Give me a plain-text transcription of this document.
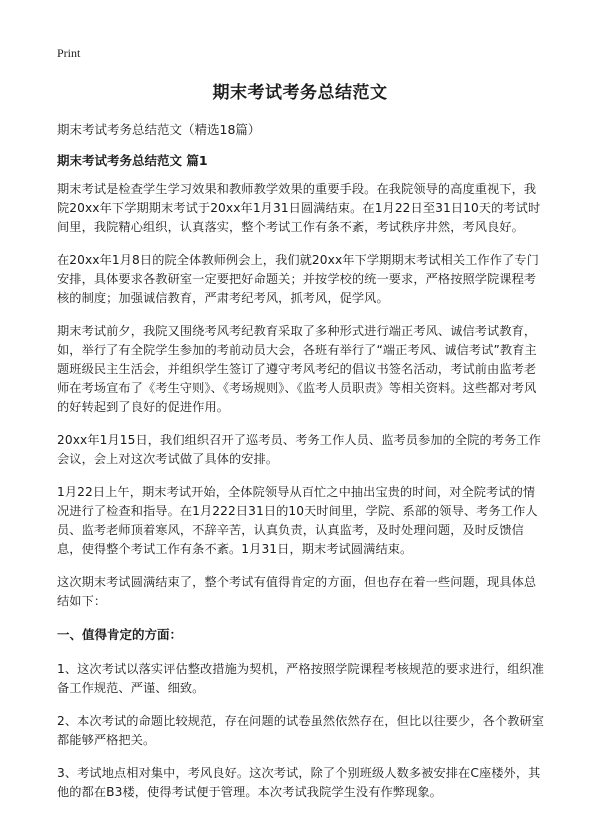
Print
期末考试考务总结范文

期末考试考务总结范文（精选18篇）

期末考试考务总结范文 篇1

期末考试是检查学生学习效果和教师教学效果的重要手段。在我院领导的高度重视下，我院20xx年下学期期末考试于20xx年1月31日圆满结束。在1月22日至31日10天的考试时间里，我院精心组织，认真落实，整个考试工作有条不紊，考试秩序井然，考风良好。

在20xx年1月8日的院全体教师例会上，我们就20xx年下学期期末考试相关工作作了专门安排，具体要求各教研室一定要把好命题关；并按学校的统一要求，严格按照学院课程考核的制度；加强诚信教育，严肃考纪考风，抓考风，促学风。

期末考试前夕，我院又围绕考风考纪教育采取了多种形式进行端正考风、诚信考试教育，如，举行了有全院学生参加的考前动员大会，各班有举行了“端正考风、诚信考试”教育主题班级民主生活会，并组织学生签订了遵守考风考纪的倡议书签名活动，考试前由监考老师在考场宣布了《考生守则》、《考场规则》、《监考人员职责》等相关资料。这些都对考风的好转起到了良好的促进作用。

20xx年1月15日，我们组织召开了巡考员、考务工作人员、监考员参加的全院的考务工作会议，会上对这次考试做了具体的安排。

1月22日上午，期末考试开始，全体院领导从百忙之中抽出宝贵的时间，对全院考试的情况进行了检查和指导。在1月222日31日的10天时间里，学院、系部的领导、考务工作人员、监考老师顶着寒风，不辞辛苦，认真负责，认真监考，及时处理问题，及时反馈信息，使得整个考试工作有条不紊。1月31日，期末考试圆满结束。

这次期末考试圆满结束了，整个考试有值得肯定的方面，但也存在着一些问题，现具体总结如下：

一、值得肯定的方面：

1、这次考试以落实评估整改措施为契机，严格按照学院课程考核规范的要求进行，组织准备工作规范、严谨、细致。

2、本次考试的命题比较规范，存在问题的试卷虽然依然存在，但比以往要少，各个教研室都能够严格把关。

3、考试地点相对集中，考风良好。这次考试，除了个别班级人数多被安排在C座楼外，其他的都在B3楼，使得考试便于管理。本次考试我院学生没有作弊现象。
